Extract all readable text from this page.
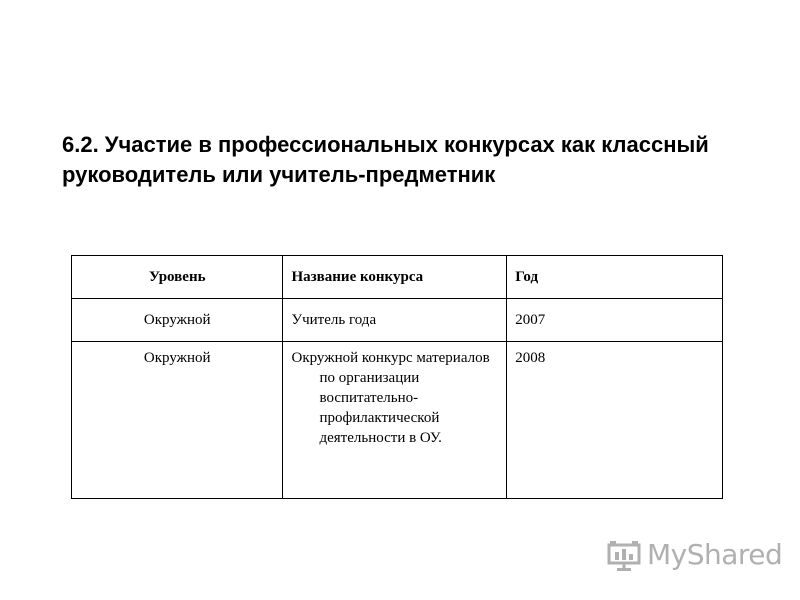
6.2. Участие в профессиональных конкурсах как классный руководитель или учитель-предметник
Уровень	Название конкурса	Год
Окружной	Учитель года	2007
Окружной	Окружной конкурс материалов по организации воспитательно-профилактической деятельности в ОУ.	2008
MyShared
